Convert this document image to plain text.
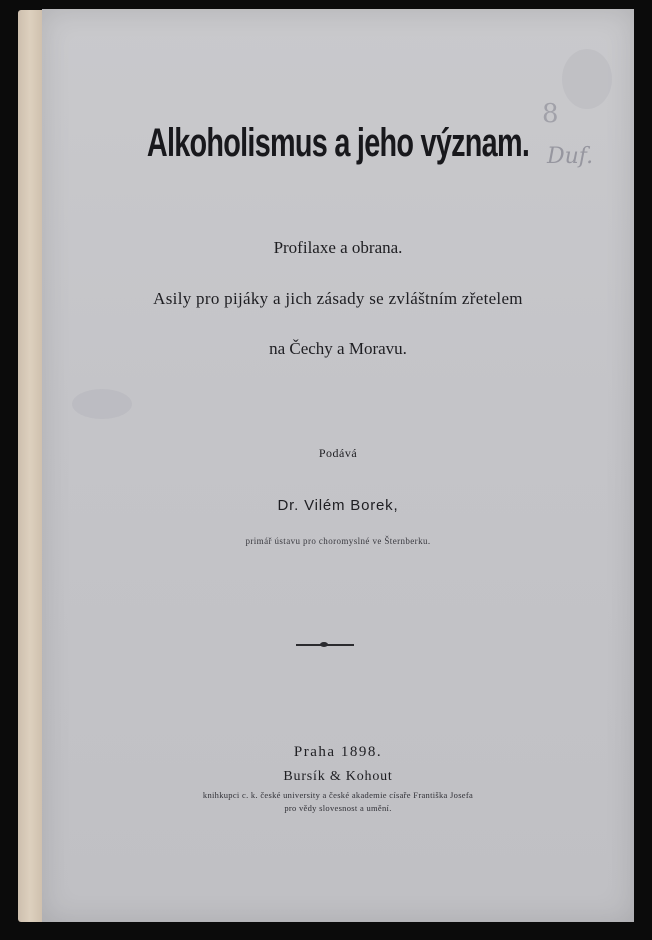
8
Duf.
Alkoholismus a jeho význam.
Profilaxe a obrana.
Asily pro pijáky a jich zásady se zvláštním zřetelem
na Čechy a Moravu.
Podává
Dr. Vilém Borek,
primář ústavu pro choromyslné ve Šternberku.
Praha 1898.
Bursík & Kohout
knihkupci c. k. české university a české akademie císaře Františka Josefa
pro vědy slovesnost a umění.
